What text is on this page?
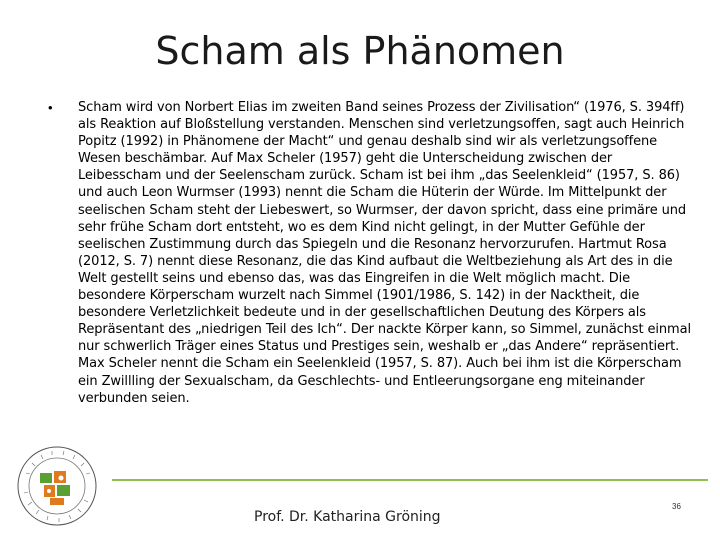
Scham als Phänomen
• Scham wird von Norbert Elias im zweiten Band seines Prozess der Zivilisation“ (1976, S. 394ff) als Reaktion auf Bloßstellung verstanden. Menschen sind verletzungsoffen, sagt auch Heinrich Popitz (1992) in Phänomene der Macht“ und genau deshalb sind wir als verletzungsoffene Wesen beschämbar. Auf Max Scheler (1957) geht die Unterscheidung zwischen der Leibesscham und der Seelenscham zurück. Scham ist bei ihm „das Seelenkleid“ (1957, S. 86) und auch Leon Wurmser (1993) nennt die Scham die Hüterin der Würde. Im Mittelpunkt der seelischen Scham steht der Liebeswert, so Wurmser, der davon spricht, dass eine primäre und sehr frühe Scham dort entsteht, wo es dem Kind nicht gelingt, in der Mutter Gefühle der seelischen Zustimmung durch das Spiegeln und die Resonanz hervorzurufen. Hartmut Rosa (2012, S. 7) nennt diese Resonanz, die das Kind aufbaut die Weltbeziehung als Art des in die Welt gestellt seins und ebenso das, was das Eingreifen in die Welt möglich macht. Die besondere Körperscham wurzelt nach Simmel (1901/1986, S. 142) in der Nacktheit, die besondere Verletzlichkeit bedeute und in der gesellschaftlichen Deutung des Körpers als Repräsentant des „niedrigen Teil des Ich“. Der nackte Körper kann, so Simmel, zunächst einmal nur schwerlich Träger eines Status und Prestiges sein, weshalb er „das Andere“ repräsentiert. Max Scheler nennt die Scham ein Seelenkleid (1957, S. 87). Auch bei ihm ist die Körperscham ein Zwillling der Sexualscham, da Geschlechts- und Entleerungsorgane eng miteinander verbunden seien.

Prof. Dr. Katharina Gröning
36
